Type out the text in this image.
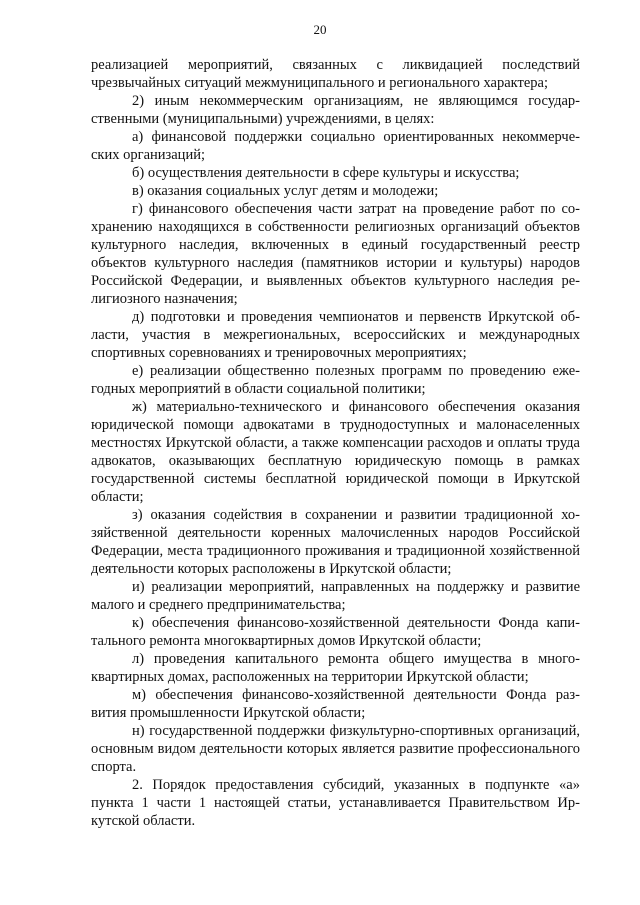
20

реализацией мероприятий, связанных с ликвидацией последствий чрезвычайных ситуаций межмуниципального и регионального характера;

2) иным некоммерческим организациям, не являющимся государственными (муниципальными) учреждениями, в целях:

а) финансовой поддержки социально ориентированных некоммерческих организаций;

б) осуществления деятельности в сфере культуры и искусства;

в) оказания социальных услуг детям и молодежи;

г) финансового обеспечения части затрат на проведение работ по сохранению находящихся в собственности религиозных организаций объектов культурного наследия, включенных в единый государственный реестр объектов культурного наследия (памятников истории и культуры) народов Российской Федерации, и выявленных объектов культурного наследия религиозного назначения;

д) подготовки и проведения чемпионатов и первенств Иркутской области, участия в межрегиональных, всероссийских и международных спортивных соревнованиях и тренировочных мероприятиях;

е) реализации общественно полезных программ по проведению ежегодных мероприятий в области социальной политики;

ж) материально-технического и финансового обеспечения оказания юридической помощи адвокатами в труднодоступных и малонаселенных местностях Иркутской области, а также компенсации расходов и оплаты труда адвокатов, оказывающих бесплатную юридическую помощь в рамках государственной системы бесплатной юридической помощи в Иркутской области;

з) оказания содействия в сохранении и развитии традиционной хозяйственной деятельности коренных малочисленных народов Российской Федерации, места традиционного проживания и традиционной хозяйственной деятельности которых расположены в Иркутской области;

и) реализации мероприятий, направленных на поддержку и развитие малого и среднего предпринимательства;

к) обеспечения финансово-хозяйственной деятельности Фонда капитального ремонта многоквартирных домов Иркутской области;

л) проведения капитального ремонта общего имущества в многоквартирных домах, расположенных на территории Иркутской области;

м) обеспечения финансово-хозяйственной деятельности Фонда развития промышленности Иркутской области;

н) государственной поддержки физкультурно-спортивных организаций, основным видом деятельности которых является развитие профессионального спорта.

2. Порядок предоставления субсидий, указанных в подпункте «а» пункта 1 части 1 настоящей статьи, устанавливается Правительством Иркутской области.
